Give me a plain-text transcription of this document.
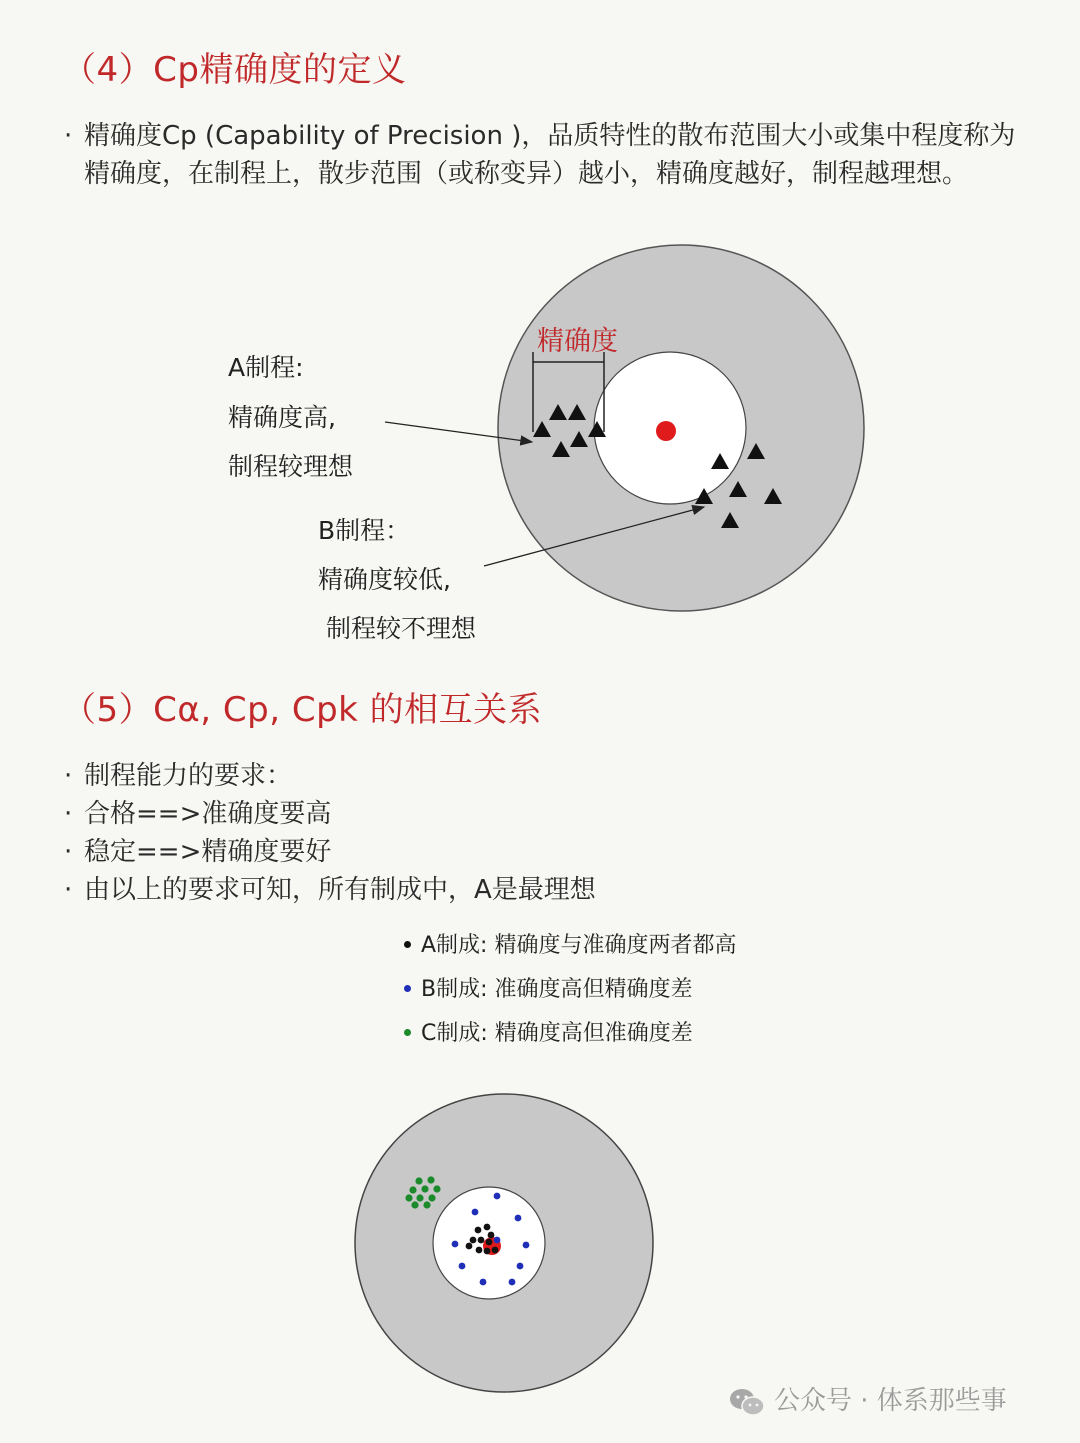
（4）Cp精确度的定义
· 精确度Cp (Capability of Precision )，品质特性的散布范围大小或集中程度称为精确度，在制程上，散步范围（或称变异）越小，精确度越好，制程越理想。
精确度
A制程:
精确度高,
制程较理想
B制程：
精确度较低,
制程较不理想
（5）Cα, Cp, Cpk 的相互关系
· 制程能力的要求：
· 合格==>准确度要高
· 稳定==>精确度要好
· 由以上的要求可知，所有制成中，A是最理想
A制成: 精确度与准确度两者都高
B制成: 准确度高但精确度差
C制成: 精确度高但准确度差
公众号 · 体系那些事
